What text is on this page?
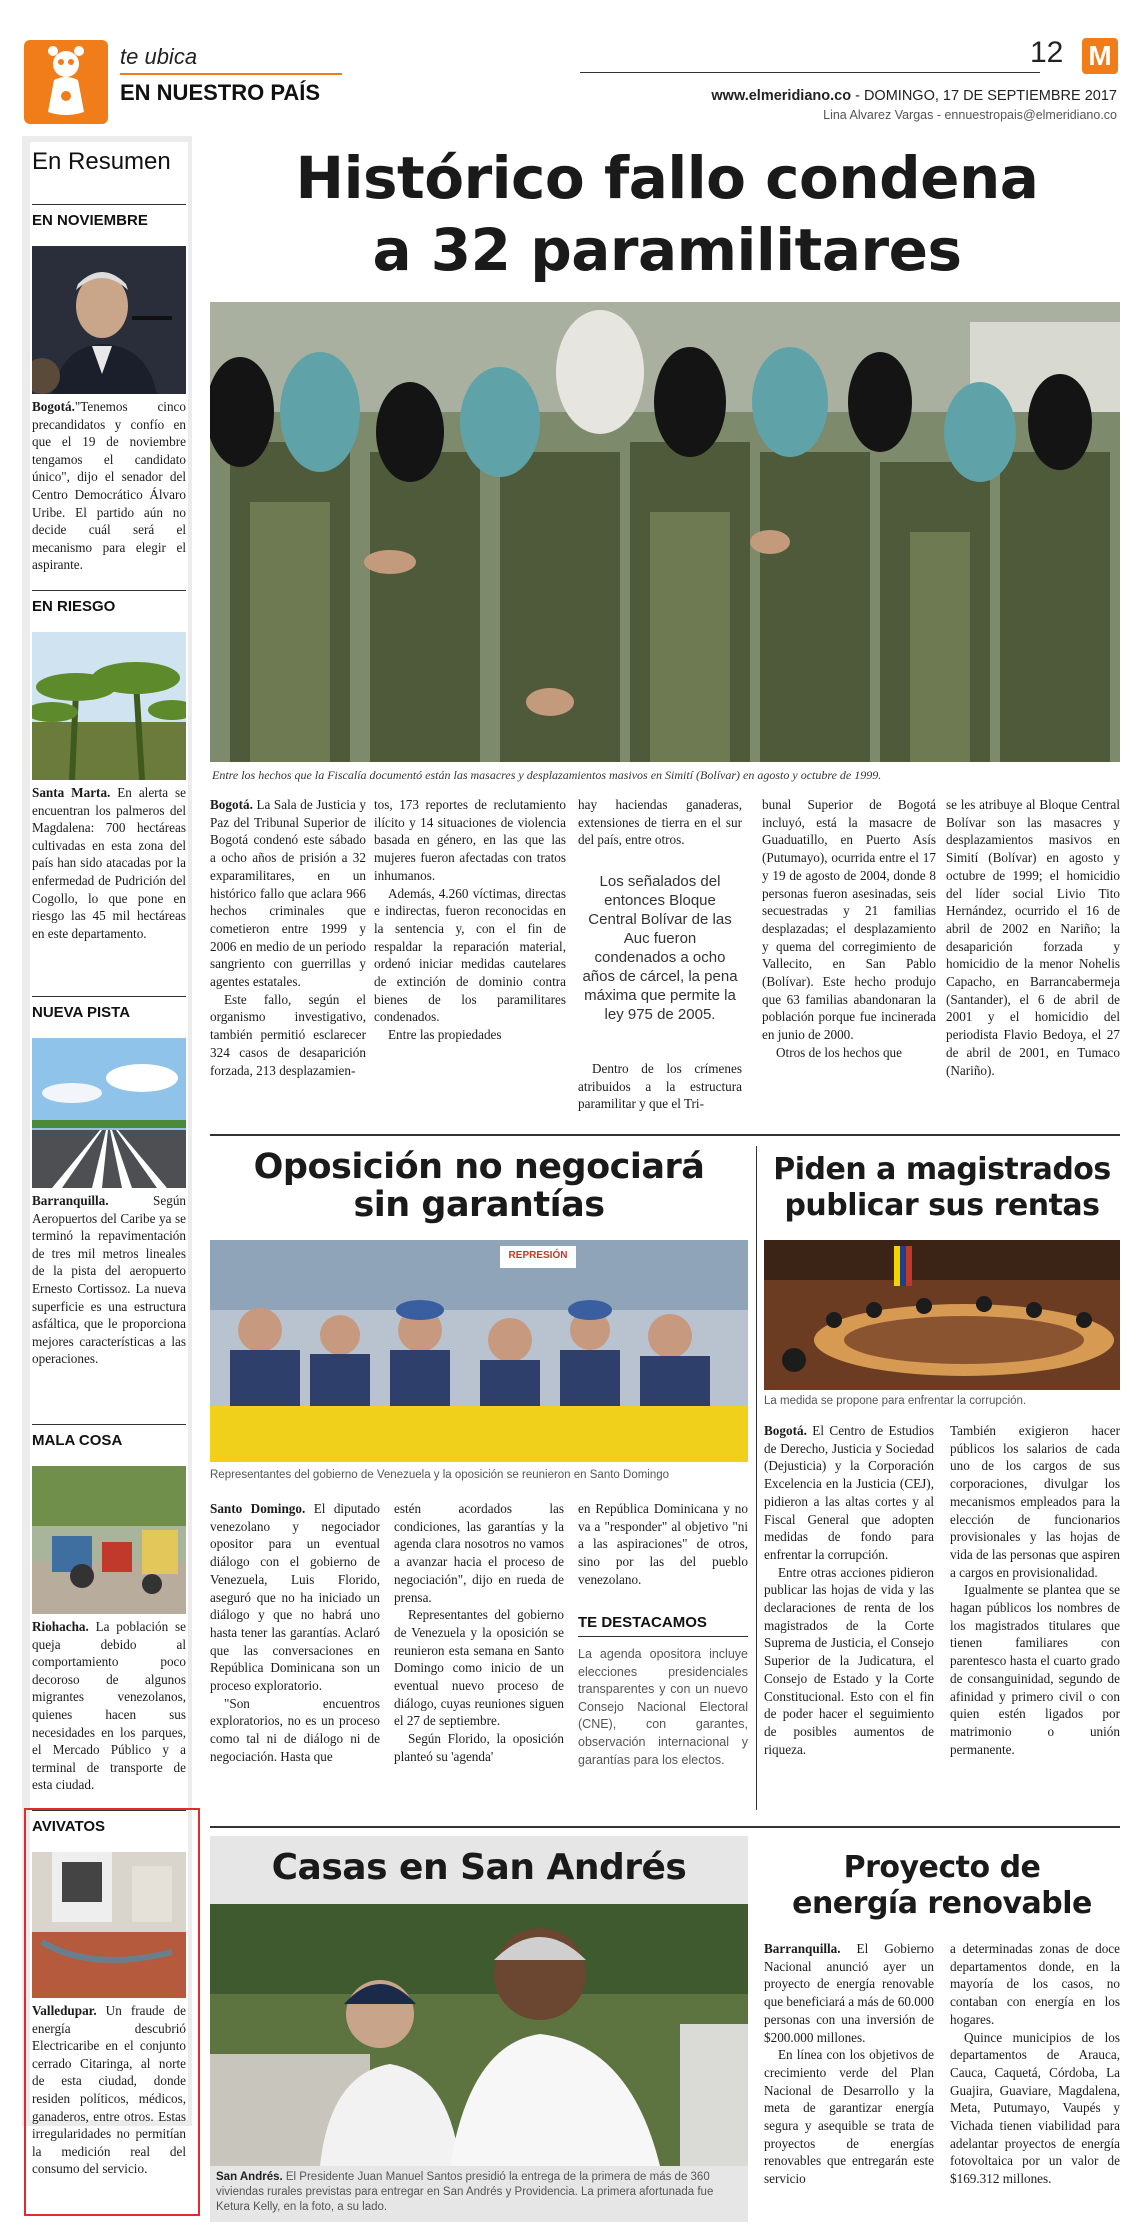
te ubica
EN NUESTRO PAÍS
12 M
www.elmeridiano.co - DOMINGO, 17 DE SEPTIEMBRE 2017
Lina Alvarez Vargas - ennuestropais@elmeridiano.co
En Resumen
EN NOVIEMBRE
Bogotá."Tenemos cinco precandidatos y confío en que el 19 de noviembre tengamos el candidato único", dijo el senador del Centro Democrático Álvaro Uribe. El partido aún no decide cuál será el mecanismo para elegir el aspirante.
EN RIESGO
Santa Marta. En alerta se encuentran los palmeros del Magdalena: 700 hectáreas cultivadas en esta zona del país han sido atacadas por la enfermedad de Pudrición del Cogollo, lo que pone en riesgo las 45 mil hectáreas en este departamento.
NUEVA PISTA
Barranquilla. Según Aeropuertos del Caribe ya se terminó la repavimentación de tres mil metros lineales de la pista del aeropuerto Ernesto Cortissoz. La nueva superficie es una estructura asfáltica, que le proporciona mejores características a las operaciones.
MALA COSA
Riohacha. La población se queja debido al comportamiento poco decoroso de algunos migrantes venezolanos, quienes hacen sus necesidades en los parques, el Mercado Público y a terminal de transporte de esta ciudad.
AVIVATOS
Valledupar. Un fraude de energía descubrió Electricaribe en el conjunto cerrado Citaringa, al norte de esta ciudad, donde residen políticos, médicos, ganaderos, entre otros. Estas irregularidades no permitían la medición real del consumo del servicio.
Histórico fallo condena
a 32 paramilitares
Entre los hechos que la Fiscalía documentó están las masacres y desplazamientos masivos en Simití (Bolívar) en agosto y octubre de 1999.

Bogotá. La Sala de Justicia y Paz del Tribunal Superior de Bogotá condenó este sábado a ocho años de prisión a 32 exparamilitares, en un histórico fallo que aclara 966 hechos criminales que cometieron entre 1999 y 2006 en medio de un periodo sangriento con guerrillas y agentes estatales.

Este fallo, según el organismo investigativo, también permitió esclarecer 324 casos de desaparición forzada, 213 desplazamien-

tos, 173 reportes de reclutamiento ilícito y 14 situaciones de violencia basada en género, en las que las mujeres fueron afectadas con tratos inhumanos.

Además, 4.260 víctimas, directas e indirectas, fueron reconocidas en la sentencia y, con el fin de respaldar la reparación material, ordenó iniciar medidas cautelares de extinción de dominio contra bienes de los paramilitares condenados.

Entre las propiedades

hay haciendas ganaderas, extensiones de tierra en el sur del país, entre otros.

Los señalados del entonces Bloque Central Bolívar de las Auc fueron condenados a ocho años de cárcel, la pena máxima que permite la ley 975 de 2005.

Dentro de los crímenes atribuidos a la estructura paramilitar y que el Tri-

bunal Superior de Bogotá incluyó, está la masacre de Guaduatillo, en Puerto Asís (Putumayo), ocurrida entre el 17 y 19 de agosto de 2004, donde 8 personas fueron asesinadas, seis secuestradas y 21 familias desplazadas; el desplazamiento y quema del corregimiento de Vallecito, en San Pablo (Bolívar). Este hecho produjo que 63 familias abandonaran la población porque fue incinerada en junio de 2000.

Otros de los hechos que

se les atribuye al Bloque Central Bolívar son las masacres y desplazamientos masivos en Simití (Bolívar) en agosto y octubre de 1999; el homicidio del líder social Livio Tito Hernández, ocurrido el 16 de abril de 2002 en Nariño; la desaparición forzada y homicidio de la menor Nohelis Capacho, en Barrancabermeja (Santander), el 6 de abril de 2001 y el homicidio del periodista Flavio Bedoya, el 27 de abril de 2001, en Tumaco (Nariño).

Oposición no negociará
sin garantías
REPRESIÓN
Representantes del gobierno de Venezuela y la oposición se reunieron en Santo Domingo

Santo Domingo. El diputado venezolano y negociador opositor para un eventual diálogo con el gobierno de Venezuela, Luis Florido, aseguró que no ha iniciado un diálogo y que no habrá uno hasta tener las garantías. Aclaró que las conversaciones en República Dominicana son un proceso exploratorio.

"Son encuentros exploratorios, no es un proceso como tal ni de diálogo ni de negociación. Hasta que

estén acordados las condiciones, las garantías y la agenda clara nosotros no vamos a avanzar hacia el proceso de negociación", dijo en rueda de prensa.

Representantes del gobierno de Venezuela y la oposición se reunieron esta semana en Santo Domingo como inicio de un eventual nuevo proceso de diálogo, cuyas reuniones siguen el 27 de septiembre.

Según Florido, la oposición planteó su 'agenda'

en República Dominicana y no va a "responder" al objetivo "ni a las aspiraciones" de otros, sino por las del pueblo venezolano.

TE DESTACAMOS
La agenda opositora incluye elecciones presidenciales transparentes y con un nuevo Consejo Nacional Electoral (CNE), con garantes, observación internacional y garantías para los electos.
Piden a magistrados
publicar sus rentas
La medida se propone para enfrentar la corrupción.

Bogotá. El Centro de Estudios de Derecho, Justicia y Sociedad (Dejusticia) y la Corporación Excelencia en la Justicia (CEJ), pidieron a las altas cortes y al Fiscal General que adopten medidas de fondo para enfrentar la corrupción.

Entre otras acciones pidieron publicar las hojas de vida y las declaraciones de renta de los magistrados de la Corte Suprema de Justicia, el Consejo Superior de la Judicatura, el Consejo de Estado y la Corte Constitucional. Esto con el fin de poder hacer el seguimiento de posibles aumentos de riqueza.

También exigieron hacer públicos los salarios de cada uno de los cargos de sus corporaciones, divulgar los mecanismos empleados para la elección de funcionarios provisionales y las hojas de vida de las personas que aspiren a cargos en provisionalidad.

Igualmente se plantea que se hagan públicos los nombres de los magistrados titulares que tienen familiares con parentesco hasta el cuarto grado de consanguinidad, segundo de afinidad y primero civil o con quien estén ligados por matrimonio o unión permanente.

Casas en San Andrés
San Andrés. El Presidente Juan Manuel Santos presidió la entrega de la primera de más de 360 viviendas rurales previstas para entregar en San Andrés y Providencia. La primera afortunada fue Ketura Kelly, en la foto, a su lado.
Proyecto de
energía renovable

Barranquilla. El Gobierno Nacional anunció ayer un proyecto de energía renovable que beneficiará a más de 60.000 personas con una inversión de $200.000 millones.

En línea con los objetivos de crecimiento verde del Plan Nacional de Desarrollo y la meta de garantizar energía segura y asequible se trata de proyectos de energías renovables que entregarán este servicio

a determinadas zonas de doce departamentos donde, en la mayoría de los casos, no contaban con energía en los hogares.

Quince municipios de los departamentos de Arauca, Cauca, Caquetá, Córdoba, La Guajira, Guaviare, Magdalena, Meta, Putumayo, Vaupés y Vichada tienen viabilidad para adelantar proyectos de energía fotovoltaica por un valor de $169.312 millones.
